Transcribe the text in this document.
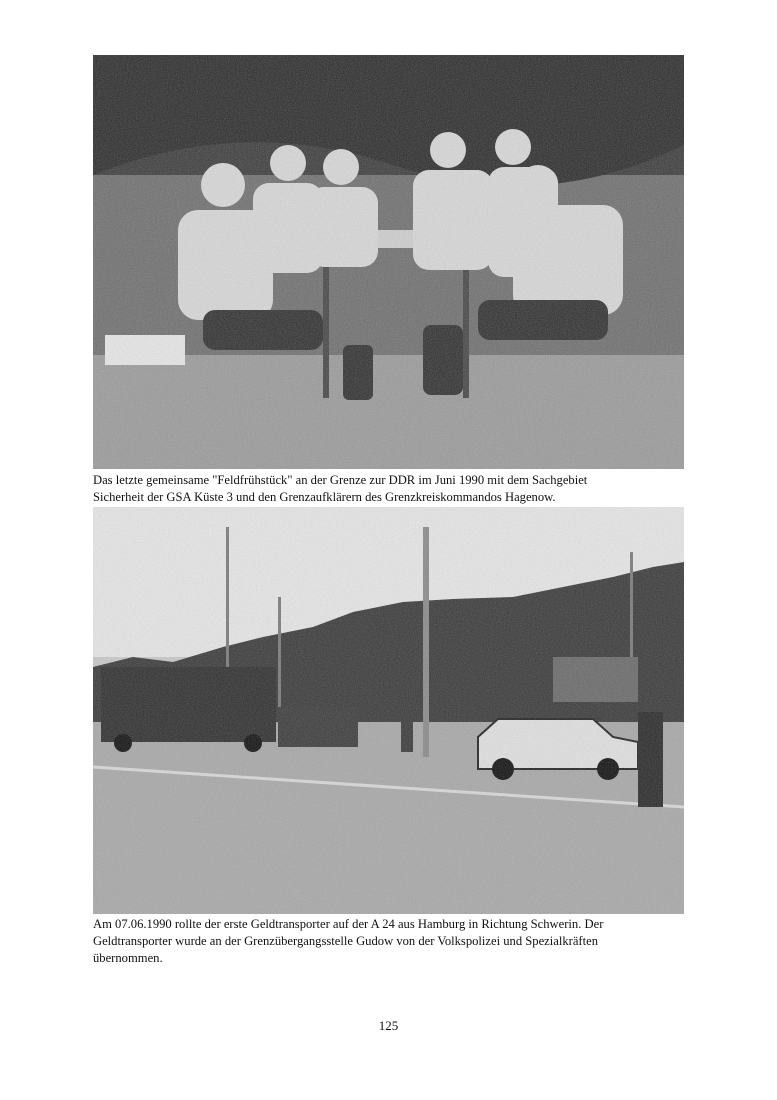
Das letzte gemeinsame "Feldfrühstück" an der Grenze zur DDR im Juni 1990 mit dem Sachgebiet
Sicherheit der GSA Küste 3 und den Grenzaufklärern des Grenzkreiskommandos Hagenow.

Am 07.06.1990 rollte der erste Geldtransporter auf der A 24 aus Hamburg in Richtung Schwerin. Der
Geldtransporter wurde an der Grenzübergangsstelle Gudow von der Volkspolizei und Spezialkräften
übernommen.

125
